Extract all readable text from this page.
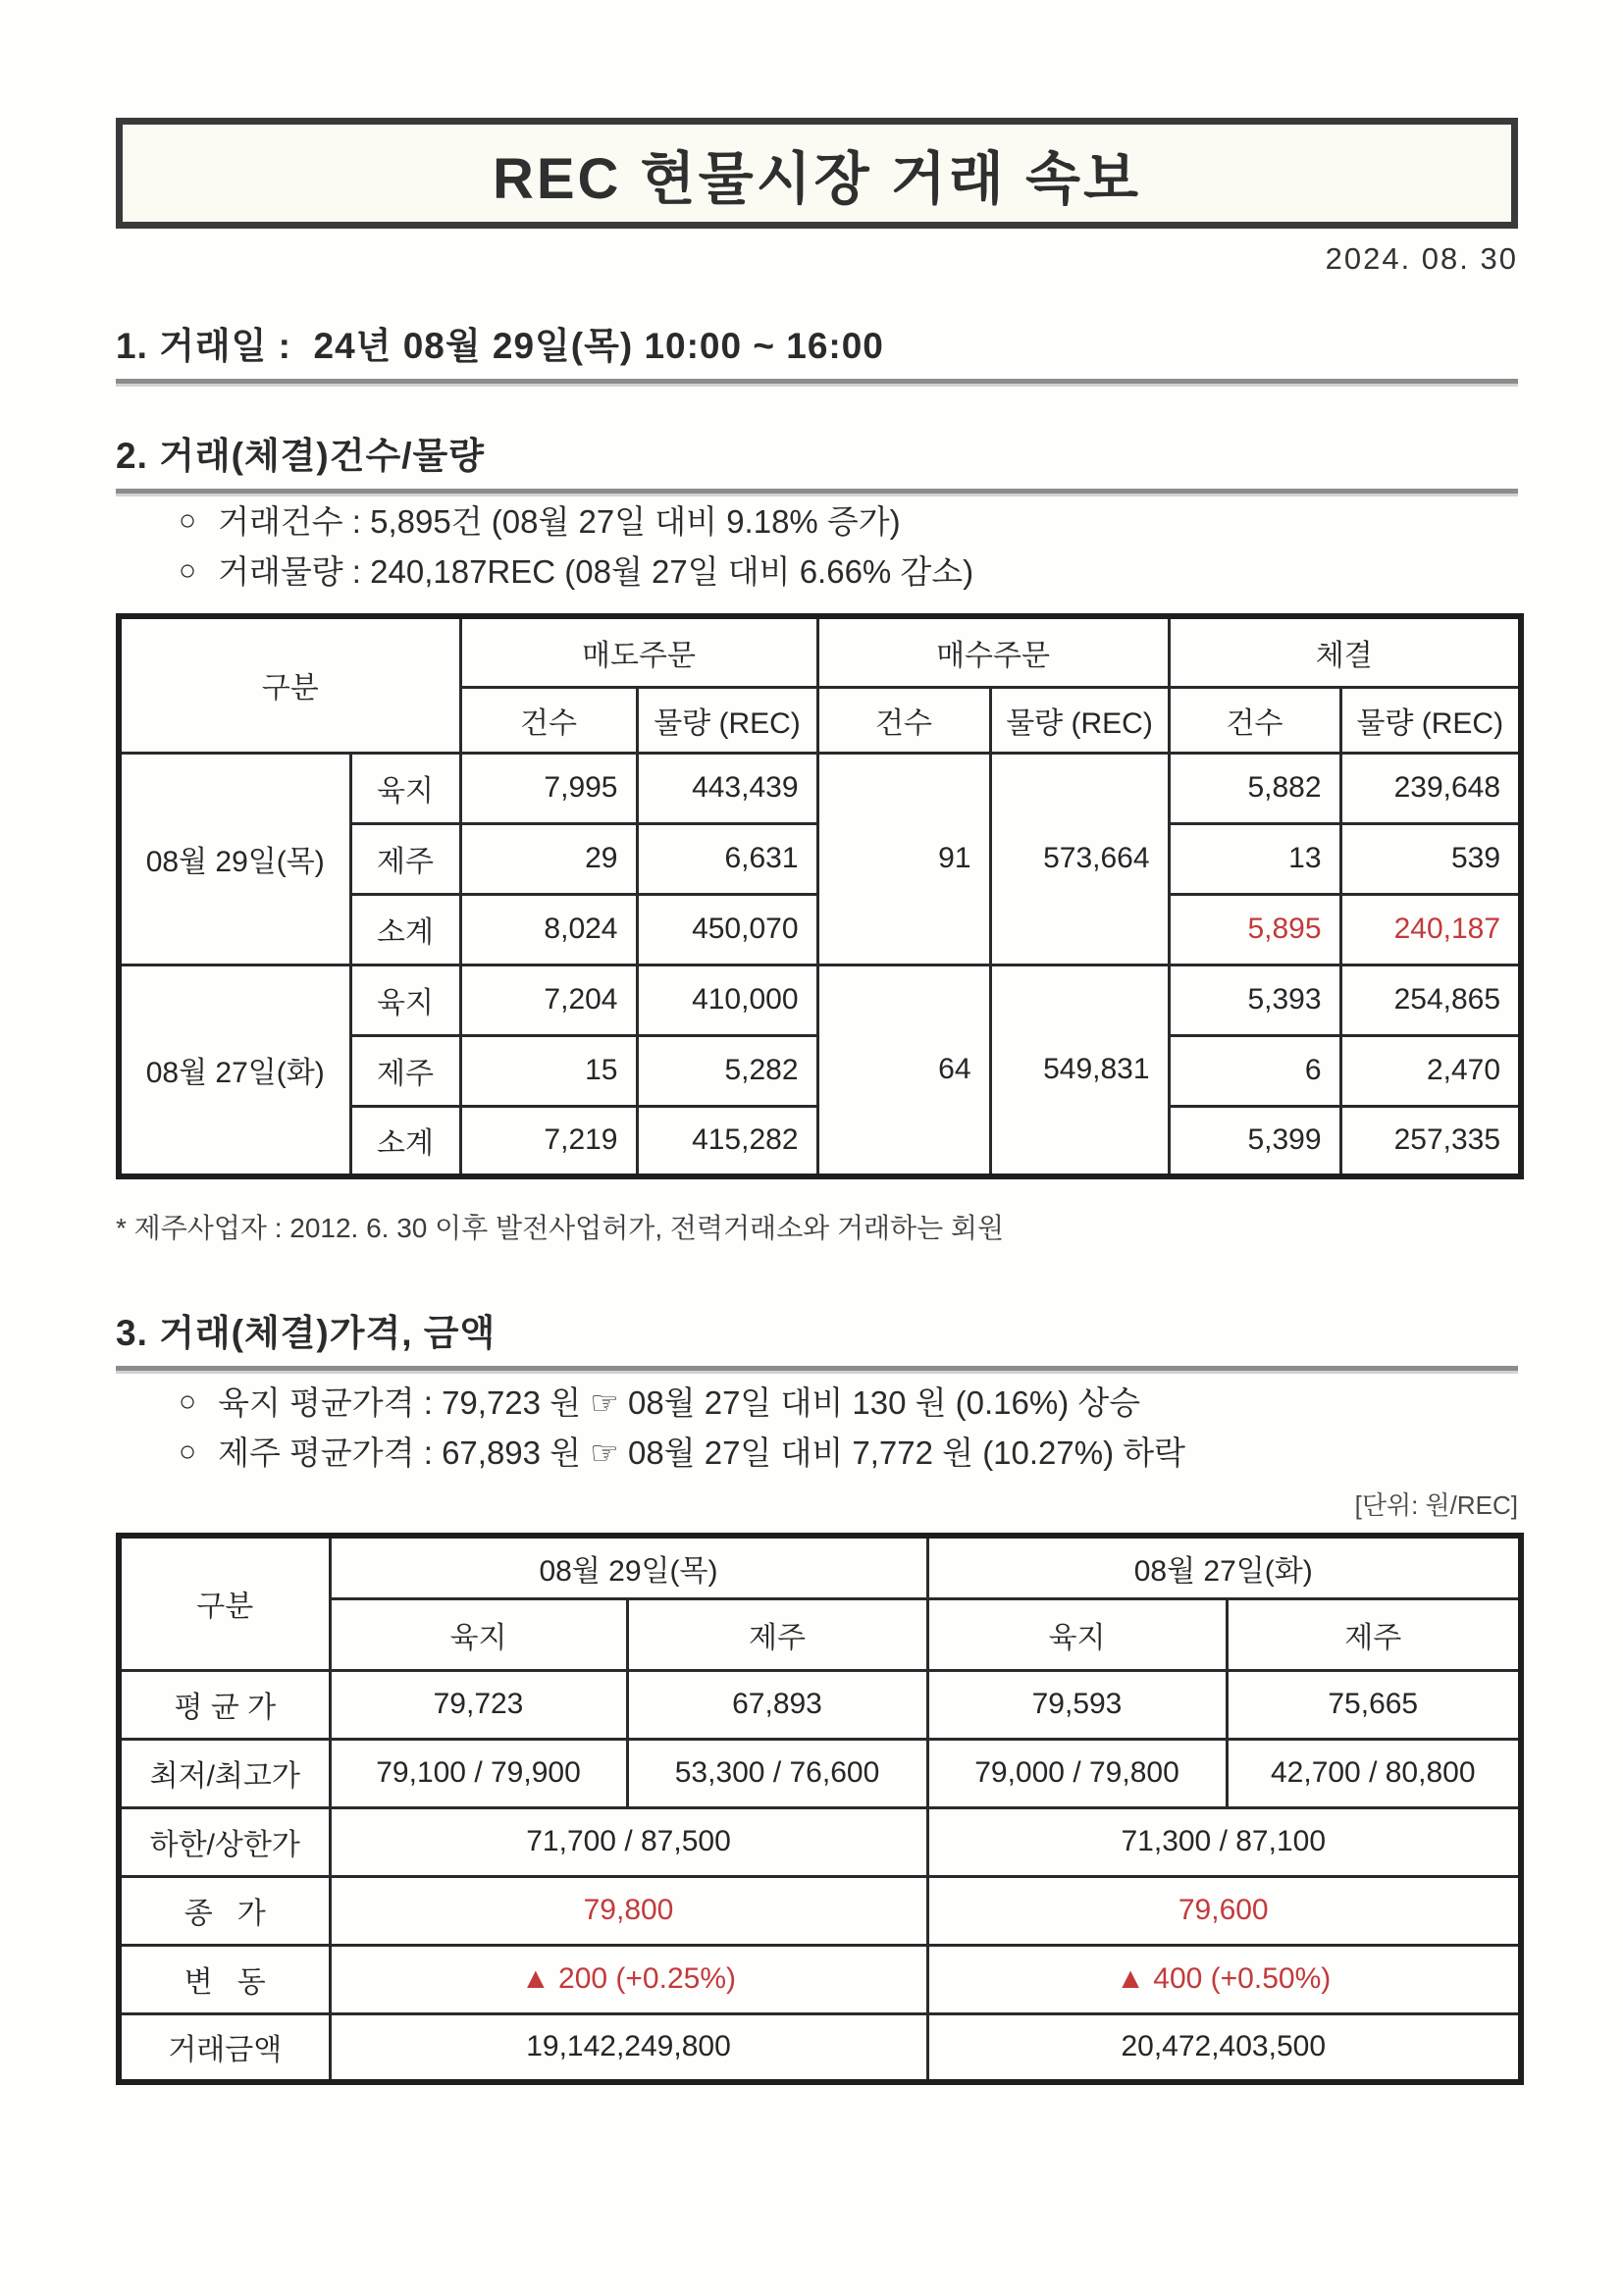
REC 현물시장 거래 속보
2024. 08. 30
1. 거래일 :  24년 08월 29일(목) 10:00 ~ 16:00
2. 거래(체결)건수/물량
○ 거래건수 : 5,895건 (08월 27일 대비 9.18% 증가)
○ 거래물량 : 240,187REC (08월 27일 대비 6.66% 감소)
구분		매도주문		매수주문		체결	
		건수	물량 (REC)	건수	물량 (REC)	건수	물량 (REC)
08월 29일(목)	육지	7,995	443,439	91	573,664	5,882	239,648
	제주	29	6,631			13	539
	소계	8,024	450,070			5,895	240,187
08월 27일(화)	육지	7,204	410,000	64	549,831	5,393	254,865
	제주	15	5,282			6	2,470
	소계	7,219	415,282			5,399	257,335
* 제주사업자 : 2012. 6. 30 이후 발전사업허가, 전력거래소와 거래하는 회원
3. 거래(체결)가격, 금액
○ 육지 평균가격 : 79,723 원 ☞ 08월 27일 대비 130 원 (0.16%) 상승
○ 제주 평균가격 : 67,893 원 ☞ 08월 27일 대비 7,772 원 (10.27%) 하락
[단위: 원/REC]
구분	08월 29일(목)		08월 27일(화)	
	육지	제주	육지	제주
평 균 가	79,723	67,893	79,593	75,665
최저/최고가	79,100 / 79,900	53,300 / 76,600	79,000 / 79,800	42,700 / 80,800
하한/상한가	71,700 / 87,500		71,300 / 87,100	
종   가	79,800		79,600	
변   동	▲ 200 (+0.25%)		▲ 400 (+0.50%)	
거래금액	19,142,249,800		20,472,403,500	
